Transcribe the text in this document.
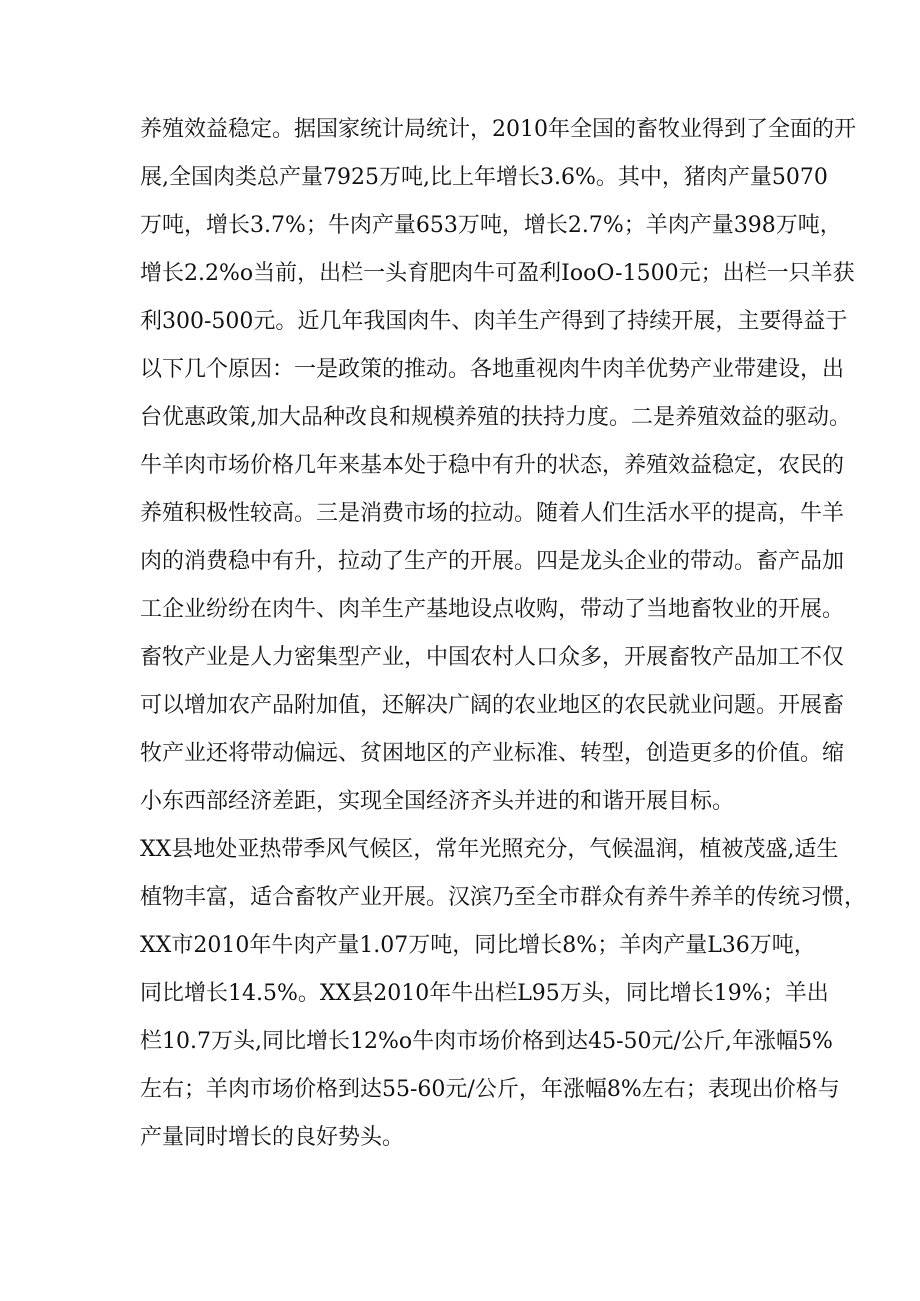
养殖效益稳定。据国家统计局统计，2010年全国的畜牧业得到了全面的开
展,全国肉类总产量7925万吨,比上年增长3.6%。其中，猪肉产量5070
万吨，增长3.7%；牛肉产量653万吨，增长2.7%；羊肉产量398万吨，
增长2.2%o当前，出栏一头育肥肉牛可盈利IooO-1500元；出栏一只羊获
利300-500元。近几年我国肉牛、肉羊生产得到了持续开展，主要得益于
以下几个原因：一是政策的推动。各地重视肉牛肉羊优势产业带建设，出
台优惠政策,加大品种改良和规模养殖的扶持力度。二是养殖效益的驱动。
牛羊肉市场价格几年来基本处于稳中有升的状态，养殖效益稳定，农民的
养殖积极性较高。三是消费市场的拉动。随着人们生活水平的提高，牛羊
肉的消费稳中有升，拉动了生产的开展。四是龙头企业的带动。畜产品加
工企业纷纷在肉牛、肉羊生产基地设点收购，带动了当地畜牧业的开展。
畜牧产业是人力密集型产业，中国农村人口众多，开展畜牧产品加工不仅
可以增加农产品附加值，还解决广阔的农业地区的农民就业问题。开展畜
牧产业还将带动偏远、贫困地区的产业标准、转型，创造更多的价值。缩
小东西部经济差距，实现全国经济齐头并进的和谐开展目标。
XX县地处亚热带季风气候区，常年光照充分，气候温润，植被茂盛,适生
植物丰富，适合畜牧产业开展。汉滨乃至全市群众有养牛养羊的传统习惯，
XX市2010年牛肉产量1.07万吨，同比增长8%；羊肉产量L36万吨，
同比增长14.5%。XX县2010年牛出栏L95万头，同比增长19%；羊出
栏10.7万头,同比增长12%o牛肉市场价格到达45-50元/公斤,年涨幅5%
左右；羊肉市场价格到达55-60元/公斤，年涨幅8%左右；表现出价格与
产量同时增长的良好势头。
